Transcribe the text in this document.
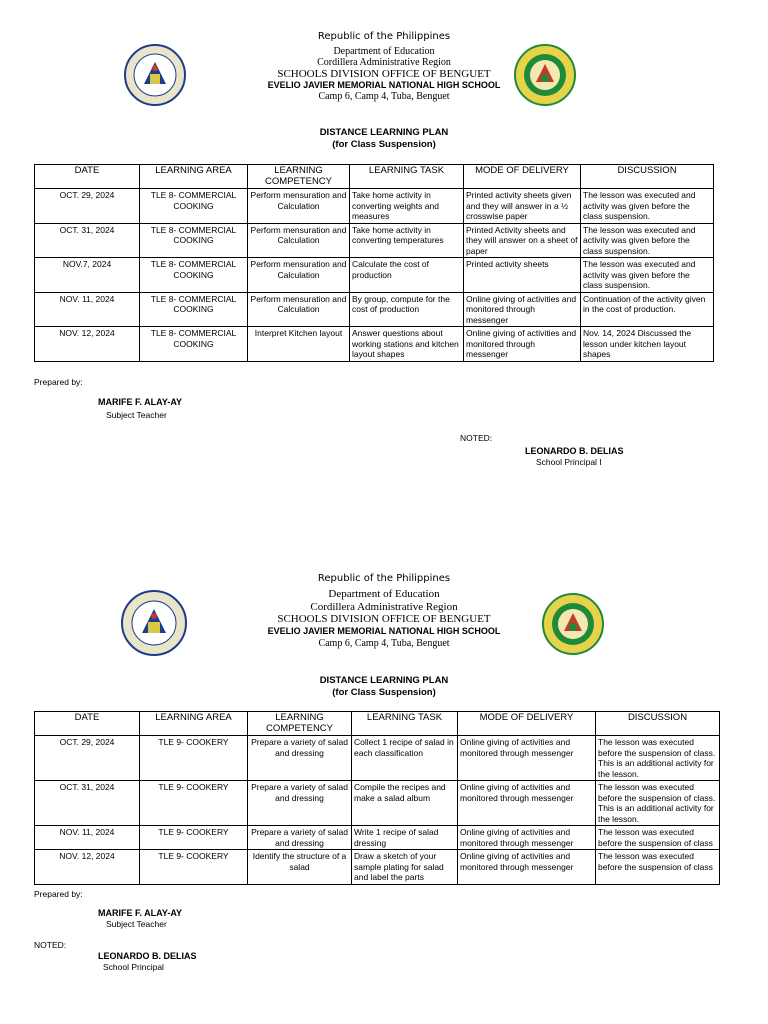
Republic of the Philippines
Department of Education
Cordillera Administrative Region
SCHOOLS DIVISION OFFICE OF BENGUET
EVELIO JAVIER MEMORIAL NATIONAL HIGH SCHOOL
Camp 6, Camp 4, Tuba, Benguet
DISTANCE LEARNING PLAN
(for Class Suspension)
DATE	LEARNING AREA	LEARNING COMPETENCY	LEARNING TASK	MODE OF DELIVERY	DISCUSSION
OCT. 29, 2024	TLE 8- COMMERCIAL COOKING	Perform mensuration and Calculation	Take home activity in converting weights and measures	Printed activity sheets given and they will answer in a ½ crosswise paper	The lesson was executed and activity was given before the class suspension.
OCT. 31, 2024	TLE 8- COMMERCIAL COOKING	Perform mensuration and Calculation	Take home activity in converting temperatures	Printed Activity sheets and they will answer on a sheet of paper	The lesson was executed and activity was given before the class suspension.
NOV.7, 2024	TLE 8- COMMERCIAL COOKING	Perform mensuration and Calculation	Calculate the cost of production	Printed activity sheets	The lesson was executed and activity was given before the class suspension.
NOV. 11, 2024	TLE 8- COMMERCIAL COOKING	Perform mensuration and Calculation	By group, compute for the cost of production	Online giving of activities and monitored through messenger	Continuation of the activity given in the cost of production.
NOV. 12, 2024	TLE 8- COMMERCIAL COOKING	Interpret Kitchen layout	Answer questions about working stations and kitchen layout shapes	Online giving of activities and monitored through messenger	Nov. 14, 2024 Discussed the lesson under kitchen layout shapes
Prepared by:
MARIFE F. ALAY-AY
Subject Teacher
NOTED:
LEONARDO B. DELIAS
School Principal I
Republic of the Philippines
Department of Education
Cordillera Administrative Region
SCHOOLS DIVISION OFFICE OF BENGUET
EVELIO JAVIER MEMORIAL NATIONAL HIGH SCHOOL
Camp 6, Camp 4, Tuba, Benguet
DISTANCE LEARNING PLAN
(for Class Suspension)
DATE	LEARNING AREA	LEARNING COMPETENCY	LEARNING TASK	MODE OF DELIVERY	DISCUSSION
OCT. 29, 2024	TLE 9- COOKERY	Prepare a variety of salad and dressing	Collect 1 recipe of salad in each classification	Online giving of activities and monitored through messenger	The lesson was executed before the suspension of class. This is an additional activity for the lesson.
OCT. 31, 2024	TLE 9- COOKERY	Prepare a variety of salad and dressing	Compile the recipes and make a salad album	Online giving of activities and monitored through messenger	The lesson was executed before the suspension of class. This is an additional activity for the lesson.
NOV. 11, 2024	TLE 9- COOKERY	Prepare a variety of salad and dressing	Write 1 recipe of salad dressing	Online giving of activities and monitored through messenger	The lesson was executed before the suspension of class
NOV. 12, 2024	TLE 9- COOKERY	Identify the structure of a salad	Draw a sketch of your sample plating for salad and label the parts	Online giving of activities and monitored through messenger	The lesson was executed before the suspension of class
Prepared by:
MARIFE F. ALAY-AY
Subject Teacher
NOTED:
LEONARDO B. DELIAS
School Principal
